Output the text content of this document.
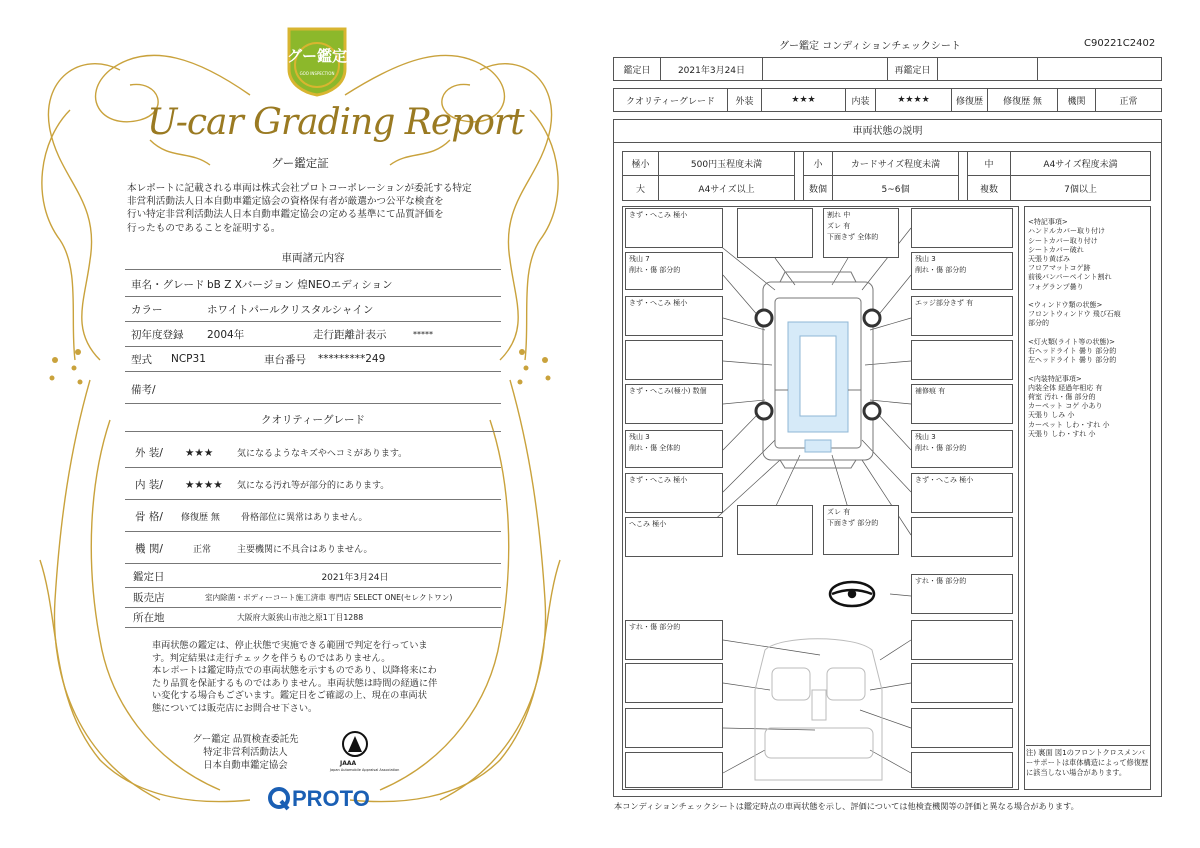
グー鑑定
GOO INSPECTION
U-car Grading Report
グー鑑定証
本レポートに記載される車両は株式会社プロトコーポレーションが委託する特定
非営利活動法人日本自動車鑑定協会の資格保有者が厳選かつ公平な検査を
行い特定非営利活動法人日本自動車鑑定協会の定める基準にて品質評価を
行ったものであることを証明する。
車両諸元内容
車名・グレード bB Z Xバージョン 煌NEOエディション
カラー	ホワイトパールクリスタルシャイン
初年度登録	2004年	走行距離計表示	*****
型式	NCP31	車台番号	*********249
備考/
クオリティーグレード
外 装/	★★★	気になるようなキズやヘコミがあります。
内 装/	★★★★	気になる汚れ等が部分的にあります。
骨 格/	修復歴 無	骨格部位に異常はありません。
機 関/	正常	主要機関に不具合はありません。
鑑定日	2021年3月24日
販売店	室内除菌・ボディーコート施工済車 専門店 SELECT ONE(セレクトワン)
所在地	大阪府大阪狭山市池之原1丁目1288
車両状態の鑑定は、停止状態で実施できる範囲で判定を行っていま
す。判定結果は走行チェックを伴うものではありません。
本レポートは鑑定時点での車両状態を示すものであり、以降将来にわ
たり品質を保証するものではありません。車両状態は時間の経過に伴
い変化する場合もございます。鑑定日をご確認の上、現在の車両状
態については販売店にお問合せ下さい。
グー鑑定 品質検査委託先
特定非営利活動法人
日本自動車鑑定協会	JAAA
Japan Automobile Appraisal Association
PROTO
グー鑑定 コンディションチェックシート	C90221C2402
鑑定日	2021年3月24日	再鑑定日
クオリティーグレード	外装	★★★	内装	★★★★	修復歴	修復歴 無	機関	正常
車両状態の説明
極小	500円玉程度未満	小	カードサイズ程度未満	中	A4サイズ程度未満
大	A4サイズ以上	数個	5~6個	複数	7個以上
きず・へこみ 極小	割れ 中
ズレ 有
下面きず 全体的
残山 7
削れ・傷 部分的
残山 3
削れ・傷 部分的
きず・へこみ 極小	エッジ部分きず 有
きず・へこみ(極小) 数個	補修痕 有
残山 3
削れ・傷 全体的
残山 3
削れ・傷 部分的
きず・へこみ 極小	きず・へこみ 極小
へこみ 極小
ズレ 有
下面きず 部分的
すれ・傷 部分的
すれ・傷 部分的

<特記事項>
ハンドルカバー取り付け
シートカバー取り付け
シートカバー破れ
天張り黄ばみ
フロアマットコゲ跡
前後バンパーペイント割れ
フォグランプ曇り

<ウィンドウ類の状態>
フロントウィンドウ 飛び石痕
部分的

<灯火類(ライト等の状態)>
右ヘッドライト 曇り 部分的
左ヘッドライト 曇り 部分的

<内装特記事項>
内装全体 経過年相応 有
荷室 汚れ・傷 部分的
カーペット コゲ 小あり
天張り しみ 小
カーペット しわ・すれ 小
天張り しわ・すれ 小

注) 裏面 図1のフロントクロスメンバーサポートは車体構造によって修復歴に該当しない場合があります。
本コンディションチェックシートは鑑定時点の車両状態を示し、評価については他検査機関等の評価と異なる場合があります。
